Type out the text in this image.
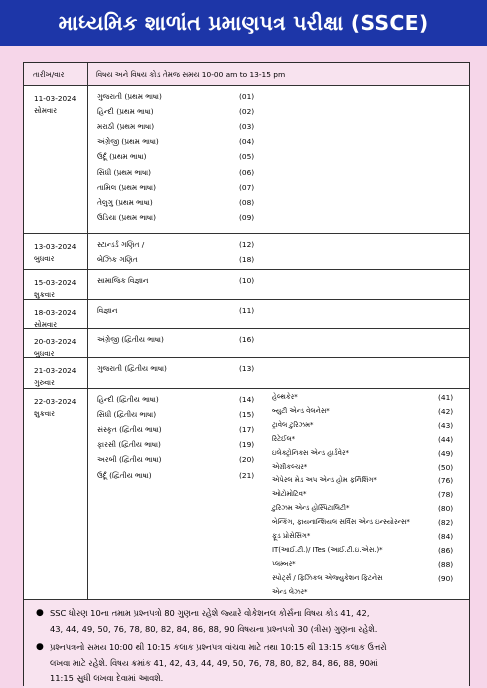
માધ્યમિક શાળાંત પ્રમાણપત્ર પરીક્ષા (SSCE)
તારીખ/વાર	વિષય અને વિષય કોડ તેમજ સમય 10-00 am to 13-15 pm
11-03-2024
સોમવાર
ગુજરાતી (પ્રથમ ભાષા)	(01)
હિન્દી (પ્રથમ ભાષા)	(02)
મરાઠી (પ્રથમ ભાષા)	(03)
અંગ્રેજી (પ્રથમ ભાષા)	(04)
ઉર્દૂ (પ્રથમ ભાષા)	(05)
સિંધી (પ્રથમ ભાષા)	(06)
તામિલ (પ્રથમ ભાષા)	(07)
તેલુગુ (પ્રથમ ભાષા)	(08)
ઉડિયા (પ્રથમ ભાષા)	(09)
13-03-2024
બુધવાર
સ્ટાન્ડર્ડ ગણિત /	(12)
બેઝિક ગણિત	(18)
15-03-2024
શુક્રવાર
સામાજિક વિજ્ઞાન	(10)
18-03-2024
સોમવાર
વિજ્ઞાન	(11)
20-03-2024
બુધવાર
અંગ્રેજી (દ્વિતીય ભાષા)	(16)
21-03-2024
ગુરુવાર
ગુજરાતી (દ્વિતીય ભાષા)	(13)
22-03-2024
શુક્રવાર
હિન્દી (દ્વિતીય ભાષા)	(14)
સિંધી (દ્વિતીય ભાષા)	(15)
સંસ્કૃત (દ્વિતીય ભાષા)	(17)
ફારસી (દ્વિતીય ભાષા)	(19)
અરબી (દ્વિતીય ભાષા)	(20)
ઉર્દૂ (દ્વિતીય ભાષા)	(21)
હેલ્થકેર*	(41)
બ્યુટી એન્ડ વેલનેસ*	(42)
ટ્રાવેલ ટુરિઝમ*	(43)
રિટેઈલ*	(44)
ઇલેક્ટ્રોનિક્સ એન્ડ હાર્ડવેર*	(49)
એગ્રીકલ્ચર*	(50)
એપેરલ મેડ અપ એન્ડ હોમ ફર્નિશિંગ*	(76)
ઓટોમોટિવ*	(78)
ટુરિઝમ એન્ડ હોસ્પિટાલિટી*	(80)
બેન્કિંગ, ફાયનાન્શિયલ સર્વિસ એન્ડ ઇન્સ્યોરન્સ*	(82)
ફૂડ પ્રોસેસિંગ*	(84)
IT(આઈ.ટી.)/ ITes (આઈ.ટી.ઇ.એસ.)*	(86)
પ્લમ્બર*	(88)
સ્પોર્ટ્સ / ફિઝિકલ એજ્યુકેશન ફિટનેસ	(90)
એન્ડ લેઝર*
● SSC ધોરણ 10ના તમામ પ્રશ્નપત્રો 80 ગુણના રહેશે જ્યારે વોકેશનલ કોર્સના વિષય કોડ 41, 42,
43, 44, 49, 50, 76, 78, 80, 82, 84, 86, 88, 90 વિષયના પ્રશ્નપત્રો 30 (ત્રીસ) ગુણના રહેશે.
● પ્રશ્નપત્રનો સમય 10:00 થી 10:15 કલાક પ્રશ્નપત્ર વાંચવા માટે તથા 10:15 થી 13:15 કલાક ઉત્તરો
લખવા માટે રહેશે. વિષય ક્રમાંક 41, 42, 43, 44, 49, 50, 76, 78, 80, 82, 84, 86, 88, 90માં
11:15 સુધી લખવા દેવામાં આવશે.
